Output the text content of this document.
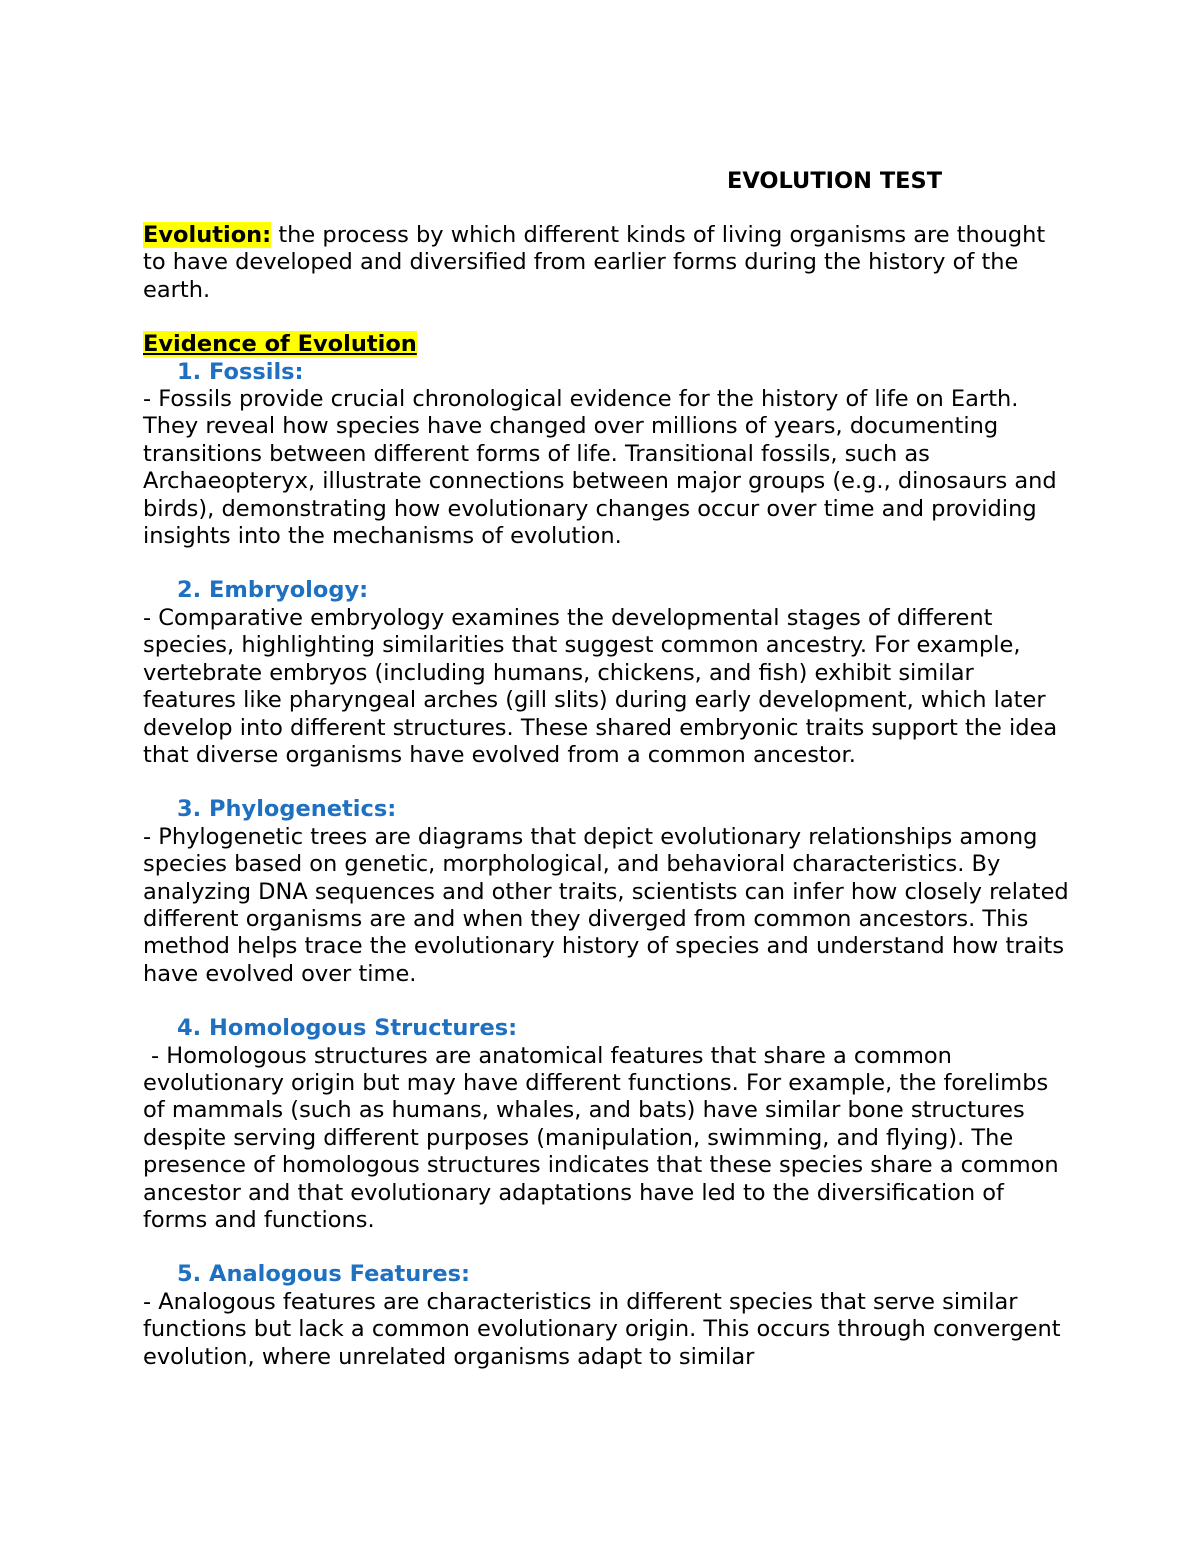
EVOLUTION TEST

Evolution: the process by which different kinds of living organisms are thought to have developed and diversified from earlier forms during the history of the earth.

Evidence of Evolution

1. Fossils:

- Fossils provide crucial chronological evidence for the history of life on Earth. They reveal how species have changed over millions of years, documenting transitions between different forms of life. Transitional fossils, such as Archaeopteryx, illustrate connections between major groups (e.g., dinosaurs and birds), demonstrating how evolutionary changes occur over time and providing insights into the mechanisms of evolution.

2. Embryology:

- Comparative embryology examines the developmental stages of different species, highlighting similarities that suggest common ancestry. For example, vertebrate embryos (including humans, chickens, and fish) exhibit similar features like pharyngeal arches (gill slits) during early development, which later develop into different structures. These shared embryonic traits support the idea that diverse organisms have evolved from a common ancestor.

3. Phylogenetics:

- Phylogenetic trees are diagrams that depict evolutionary relationships among species based on genetic, morphological, and behavioral characteristics. By analyzing DNA sequences and other traits, scientists can infer how closely related different organisms are and when they diverged from common ancestors. This method helps trace the evolutionary history of species and understand how traits have evolved over time.

4. Homologous Structures:

- Homologous structures are anatomical features that share a common evolutionary origin but may have different functions. For example, the forelimbs of mammals (such as humans, whales, and bats) have similar bone structures despite serving different purposes (manipulation, swimming, and flying). The presence of homologous structures indicates that these species share a common ancestor and that evolutionary adaptations have led to the diversification of forms and functions.

5. Analogous Features:

- Analogous features are characteristics in different species that serve similar functions but lack a common evolutionary origin. This occurs through convergent evolution, where unrelated organisms adapt to similar
